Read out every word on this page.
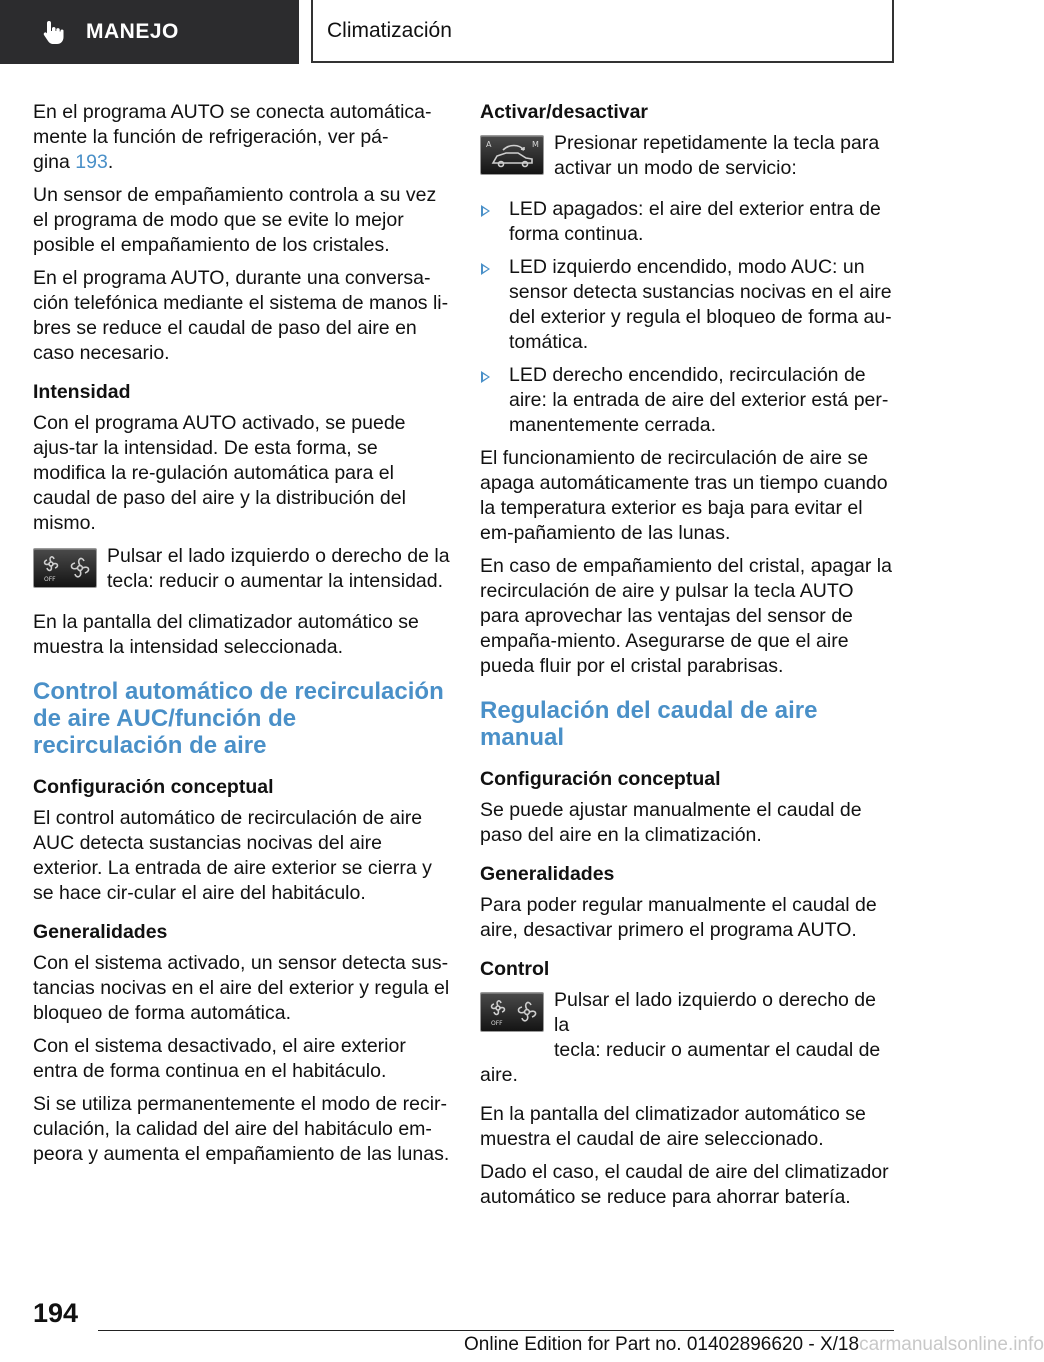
MANEJO	Climatización

En el programa AUTO se conecta automática-
mente la función de refrigeración, ver pá-
gina 193.

Un sensor de empañamiento controla a su vez el programa de modo que se evite lo mejor posible el empañamiento de los cristales.

En el programa AUTO, durante una conversa-ción telefónica mediante el sistema de manos li-bres se reduce el caudal de paso del aire en caso necesario.

Intensidad

Con el programa AUTO activado, se puede ajus-tar la intensidad. De esta forma, se modifica la re-gulación automática para el caudal de paso del aire y la distribución del mismo.

OFF
Pulsar el lado izquierdo o derecho de la
tecla: reducir o aumentar la intensidad.

En la pantalla del climatizador automático se muestra la intensidad seleccionada.

Control automático de recirculación de aire AUC/función de recirculación de aire
Configuración conceptual

El control automático de recirculación de aire AUC detecta sustancias nocivas del aire exterior. La entrada de aire exterior se cierra y se hace cir-cular el aire del habitáculo.

Generalidades

Con el sistema activado, un sensor detecta sus-tancias nocivas en el aire del exterior y regula el bloqueo de forma automática.

Con el sistema desactivado, el aire exterior entra de forma continua en el habitáculo.

Si se utiliza permanentemente el modo de recir-culación, la calidad del aire del habitáculo em-peora y aumenta el empañamiento de las lunas.

Activar/desactivar
A	M Presionar repetidamente la tecla para
activar un modo de servicio:
LED apagados: el aire del exterior entra de forma continua.
LED izquierdo encendido, modo AUC: un sensor detecta sustancias nocivas en el aire del exterior y regula el bloqueo de forma au-tomática.
LED derecho encendido, recirculación de aire: la entrada de aire del exterior está per-manentemente cerrada.

El funcionamiento de recirculación de aire se apaga automáticamente tras un tiempo cuando la temperatura exterior es baja para evitar el em-pañamiento de las lunas.

En caso de empañamiento del cristal, apagar la recirculación de aire y pulsar la tecla AUTO para aprovechar las ventajas del sensor de empaña-miento. Asegurarse de que el aire pueda fluir por el cristal parabrisas.

Regulación del caudal de aire manual
Configuración conceptual

Se puede ajustar manualmente el caudal de paso del aire en la climatización.

Generalidades

Para poder regular manualmente el caudal de aire, desactivar primero el programa AUTO.

Control
OFF
Pulsar el lado izquierdo o derecho de la
tecla: reducir o aumentar el caudal de
aire.

En la pantalla del climatizador automático se muestra el caudal de aire seleccionado.

Dado el caso, el caudal de aire del climatizador automático se reduce para ahorrar batería.

194
Online Edition for Part no. 01402896620 - X/18carmanualsonline.info
